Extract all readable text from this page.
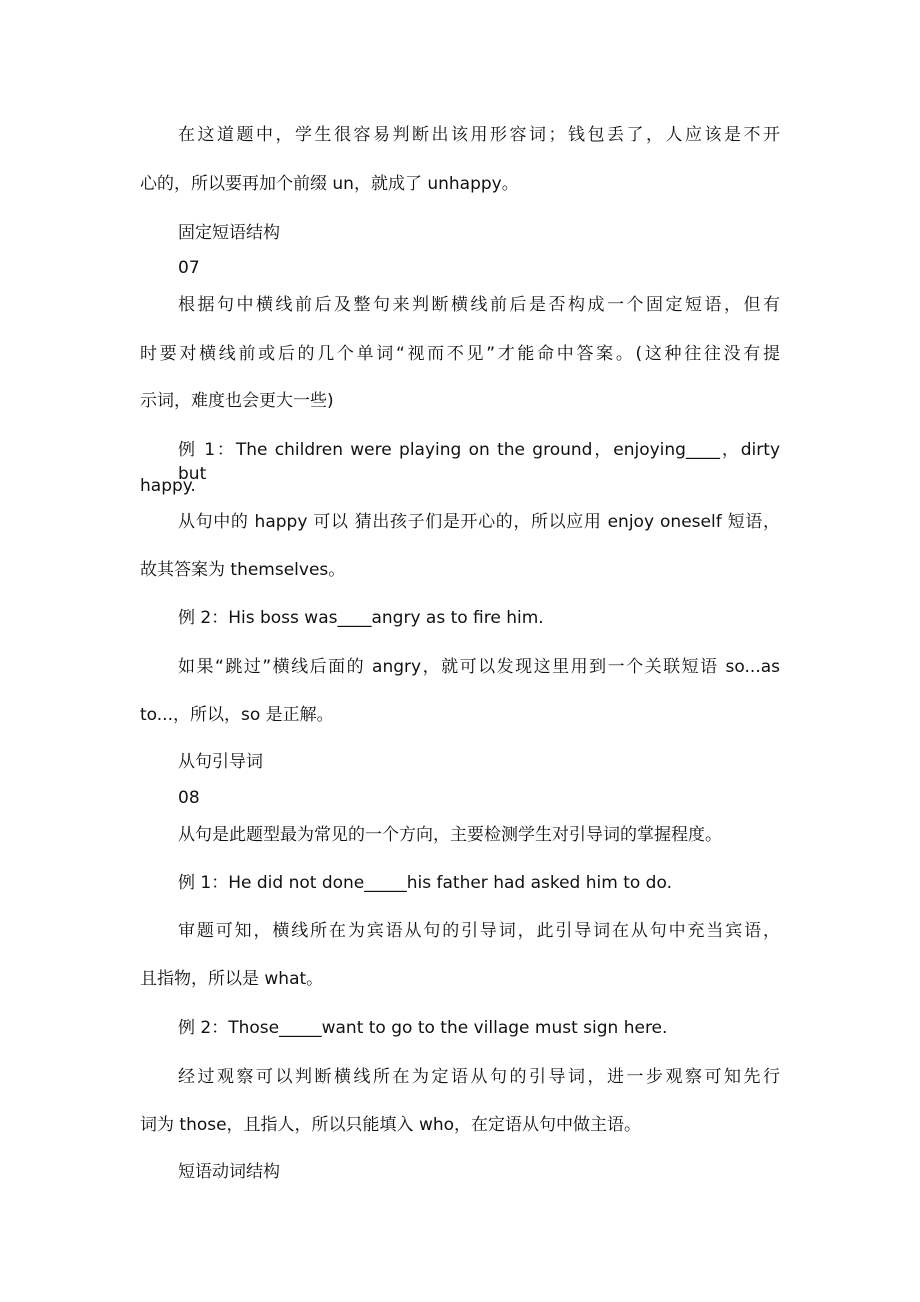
在这道题中，学生很容易判断出该用形容词；钱包丢了，人应该是不开
心的，所以要再加个前缀 un，就成了 unhappy。
固定短语结构
07
根据句中横线前后及整句来判断横线前后是否构成一个固定短语，但有
时要对横线前或后的几个单词“视而不见”才能命中答案。(这种往往没有提
示词，难度也会更大一些)
例 1：The children were playing on the ground，enjoying____，dirty but
happy.
从句中的 happy 可以 猜出孩子们是开心的，所以应用 enjoy oneself 短语，
故其答案为 themselves。
例 2：His boss was____angry as to fire him.
如果“跳过”横线后面的 angry，就可以发现这里用到一个关联短语 so...as
to...，所以，so 是正解。
从句引导词
08
从句是此题型最为常见的一个方向，主要检测学生对引导词的掌握程度。
例 1：He did not done_____his father had asked him to do.
审题可知，横线所在为宾语从句的引导词，此引导词在从句中充当宾语，
且指物，所以是 what。
例 2：Those_____want to go to the village must sign here.
经过观察可以判断横线所在为定语从句的引导词，进一步观察可知先行
词为 those，且指人，所以只能填入 who，在定语从句中做主语。
短语动词结构
